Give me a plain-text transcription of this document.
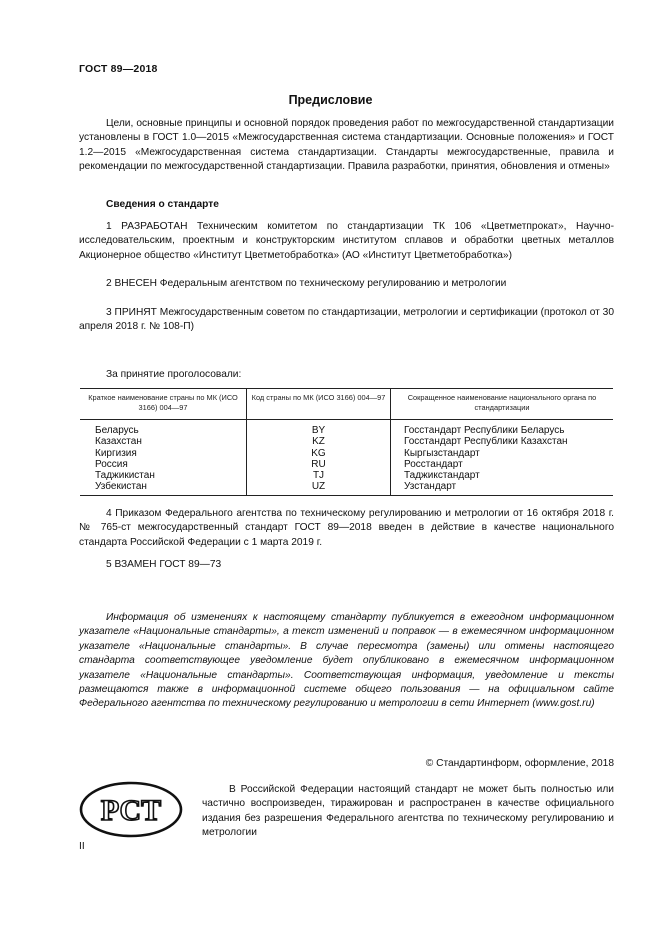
ГОСТ 89—2018
Предисловие

Цели, основные принципы и основной порядок проведения работ по межгосударственной стандартизации установлены в ГОСТ 1.0—2015 «Межгосударственная система стандартизации. Основные положения» и ГОСТ 1.2—2015 «Межгосударственная система стандартизации. Стандарты межгосударственные, правила и рекомендации по межгосударственной стандартизации. Правила разработки, принятия, обновления и отмены»

Сведения о стандарте
1 РАЗРАБОТАН Техническим комитетом по стандартизации ТК 106 «Цветметпрокат», Научно-исследовательским, проектным и конструкторским институтом сплавов и обработки цветных металлов Акционерное общество «Институт Цветметобработка» (АО «Институт Цветметобработка»)
2 ВНЕСЕН Федеральным агентством по техническому регулированию и метрологии
3 ПРИНЯТ Межгосударственным советом по стандартизации, метрологии и сертификации (протокол от 30 апреля 2018 г. № 108-П)
За принятие проголосовали:
Краткое наименование страны по МК (ИСО 3166) 004—97	Код страны по МК (ИСО 3166) 004—97	Сокращенное наименование национального органа по стандартизации
Беларусь	BY	Госстандарт Республики Беларусь
Казахстан	KZ	Госстандарт Республики Казахстан
Киргизия	KG	Кыргызстандарт
Россия	RU	Росстандарт
Таджикистан	TJ	Таджикстандарт
Узбекистан	UZ	Узстандарт
4 Приказом Федерального агентства по техническому регулированию и метрологии от 16 октября 2018 г. № 765-ст межгосударственный стандарт ГОСТ 89—2018 введен в действие в качестве национального стандарта Российской Федерации с 1 марта 2019 г.
5 ВЗАМЕН ГОСТ 89—73

Информация об изменениях к настоящему стандарту публикуется в ежегодном информационном указателе «Национальные стандарты», а текст изменений и поправок — в ежемесячном информационном указателе «Национальные стандарты». В случае пересмотра (замены) или отмены настоящего стандарта соответствующее уведомление будет опубликовано в ежемесячном информационном указателе «Национальные стандарты». Соответствующая информация, уведомление и тексты размещаются также в информационной системе общего пользования — на официальном сайте Федерального агентства по техническому регулированию и метрологии в сети Интернет (www.gost.ru)

© Стандартинформ, оформление, 2018
РСТ

В Российской Федерации настоящий стандарт не может быть полностью или частично воспроизведен, тиражирован и распространен в качестве официального издания без разрешения Федерального агентства по техническому регулированию и метрологии

II
